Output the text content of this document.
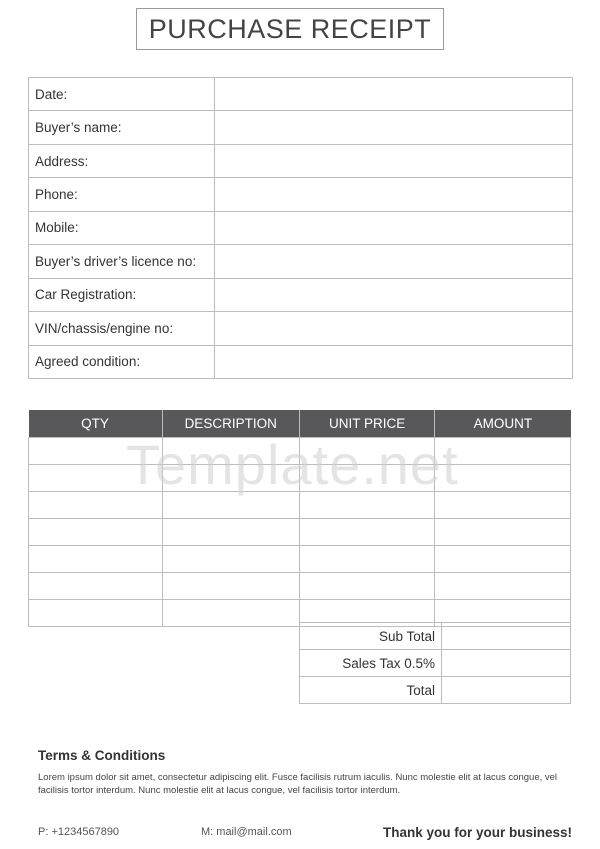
PURCHASE RECEIPT
Date:	
Buyer’s name:	
Address:	
Phone:	
Mobile:	
Buyer’s driver’s licence no:	
Car Registration:	
VIN/chassis/engine no:	
Agreed condition:	
QTY	DESCRIPTION	UNIT PRICE	AMOUNT

Sub Total	
Sales Tax 0.5%	
Total	
Template.net
Terms & Conditions
Lorem ipsum dolor sit amet, consectetur adipiscing elit. Fusce facilisis rutrum iaculis. Nunc molestie elit at lacus congue, vel facilisis tortor interdum. Nunc molestie elit at lacus congue, vel facilisis tortor interdum.
P: +1234567890	M: mail@mail.com	Thank you for your business!
